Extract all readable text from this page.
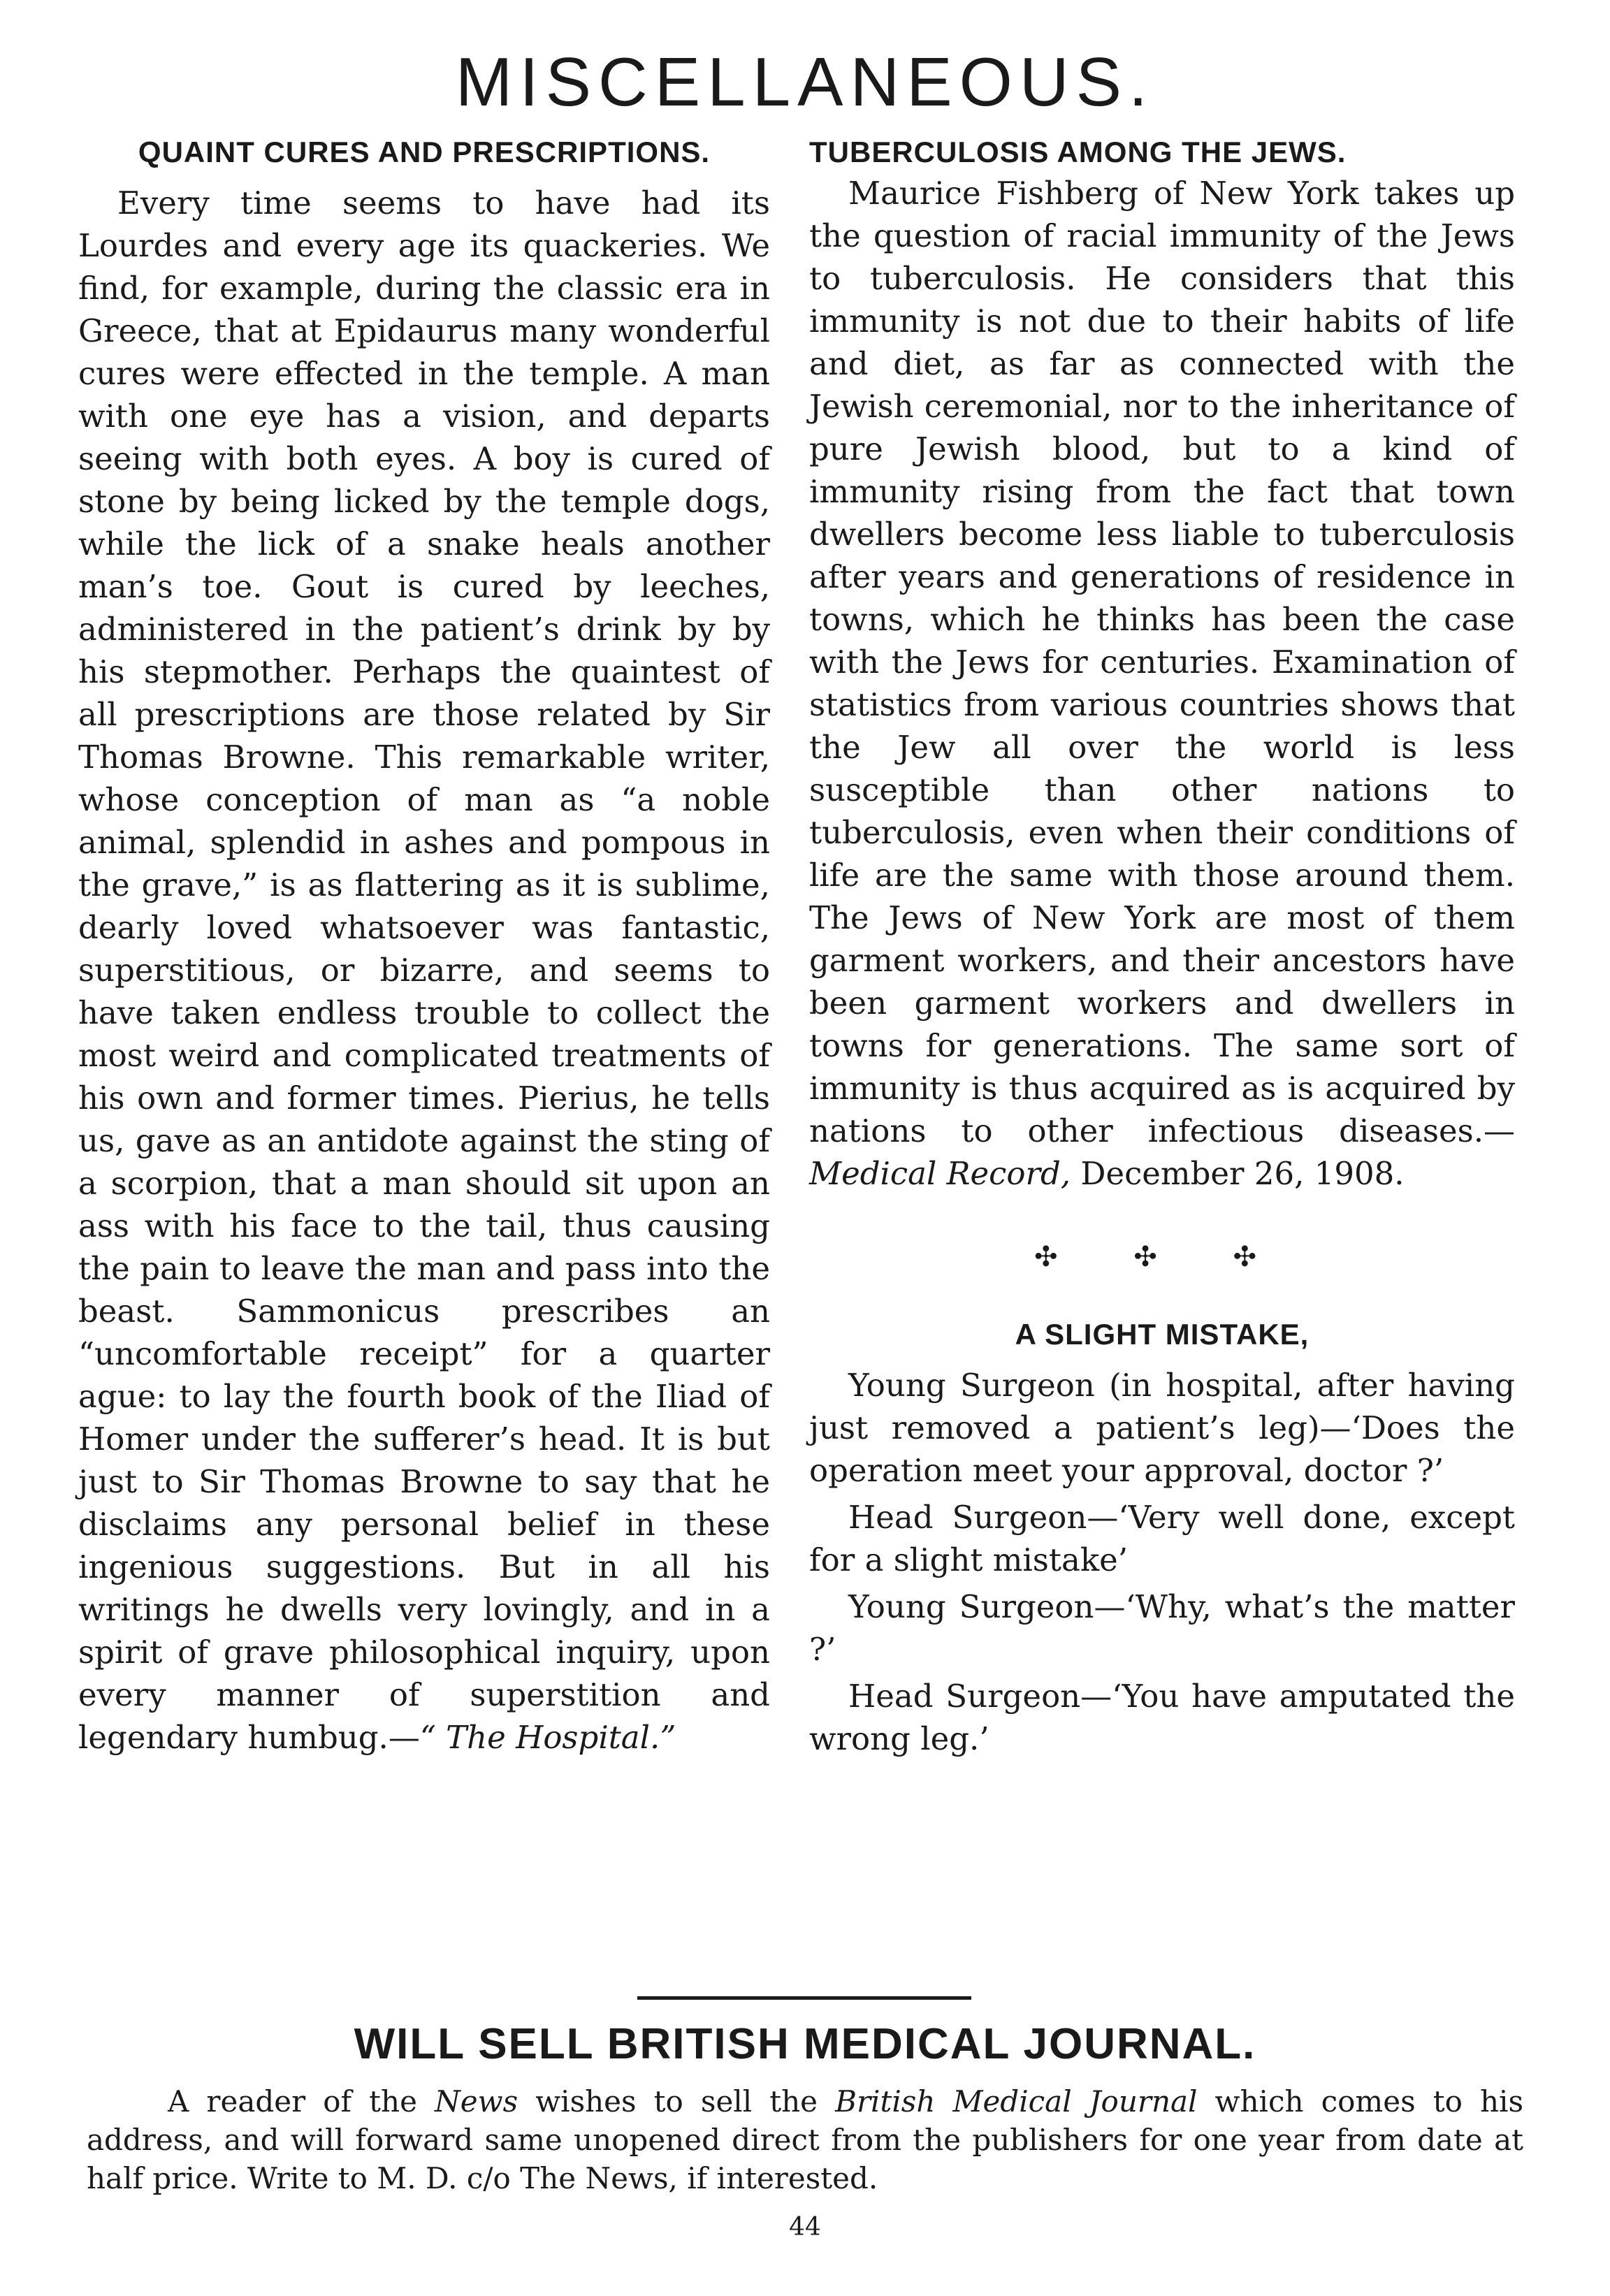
MISCELLANEOUS.
QUAINT CURES AND PRESCRIPTIONS.

Every time seems to have had its Lourdes and every age its quackeries. We find, for example, during the classic era in Greece, that at Epidaurus many wonderful cures were effected in the temple. A man with one eye has a vision, and departs seeing with both eyes. A boy is cured of stone by being licked by the temple dogs, while the lick of a snake heals another man’s toe. Gout is cured by leeches, administered in the patient’s drink by by his stepmother. Perhaps the quaintest of all prescriptions are those related by Sir Thomas Browne. This remarkable writer, whose conception of man as “a noble animal, splendid in ashes and pompous in the grave,” is as flattering as it is sublime, dearly loved whatsoever was fantastic, superstitious, or bizarre, and seems to have taken endless trouble to collect the most weird and complicated treatments of his own and former times. Pierius, he tells us, gave as an antidote against the sting of a scorpion, that a man should sit upon an ass with his face to the tail, thus causing the pain to leave the man and pass into the beast. Sammonicus prescribes an “uncomfortable receipt” for a quarter ague: to lay the fourth book of the Iliad of Homer under the sufferer’s head. It is but just to Sir Thomas Browne to say that he disclaims any personal belief in these ingenious suggestions. But in all his writings he dwells very lovingly, and in a spirit of grave philosophical inquiry, upon every manner of superstition and legendary humbug.—“ The Hospital.”

TUBERCULOSIS AMONG THE JEWS.

Maurice Fishberg of New York takes up the question of racial immunity of the Jews to tuberculosis. He considers that this immunity is not due to their habits of life and diet, as far as connected with the Jewish ceremonial, nor to the inheritance of pure Jewish blood, but to a kind of immunity rising from the fact that town dwellers become less liable to tuberculosis after years and generations of residence in towns, which he thinks has been the case with the Jews for centuries. Examination of statistics from various countries shows that the Jew all over the world is less susceptible than other nations to tuberculosis, even when their conditions of life are the same with those around them. The Jews of New York are most of them garment workers, and their ancestors have been garment workers and dwellers in towns for generations. The same sort of immunity is thus acquired as is acquired by nations to other infectious diseases.—Medical Record, December 26, 1908.

✣ ✣ ✣
A SLIGHT MISTAKE,

Young Surgeon (in hospital, after having just removed a patient’s leg)—‘Does the operation meet your approval, doctor ?’

Head Surgeon—‘Very well done, except for a slight mistake’

Young Surgeon—‘Why, what’s the matter ?’

Head Surgeon—‘You have amputated the wrong leg.’

WILL SELL BRITISH MEDICAL JOURNAL.

A reader of the News wishes to sell the British Medical Journal which comes to his address, and will forward same unopened direct from the publishers for one year from date at half price. Write to M. D. c/o The News, if interested.

44
